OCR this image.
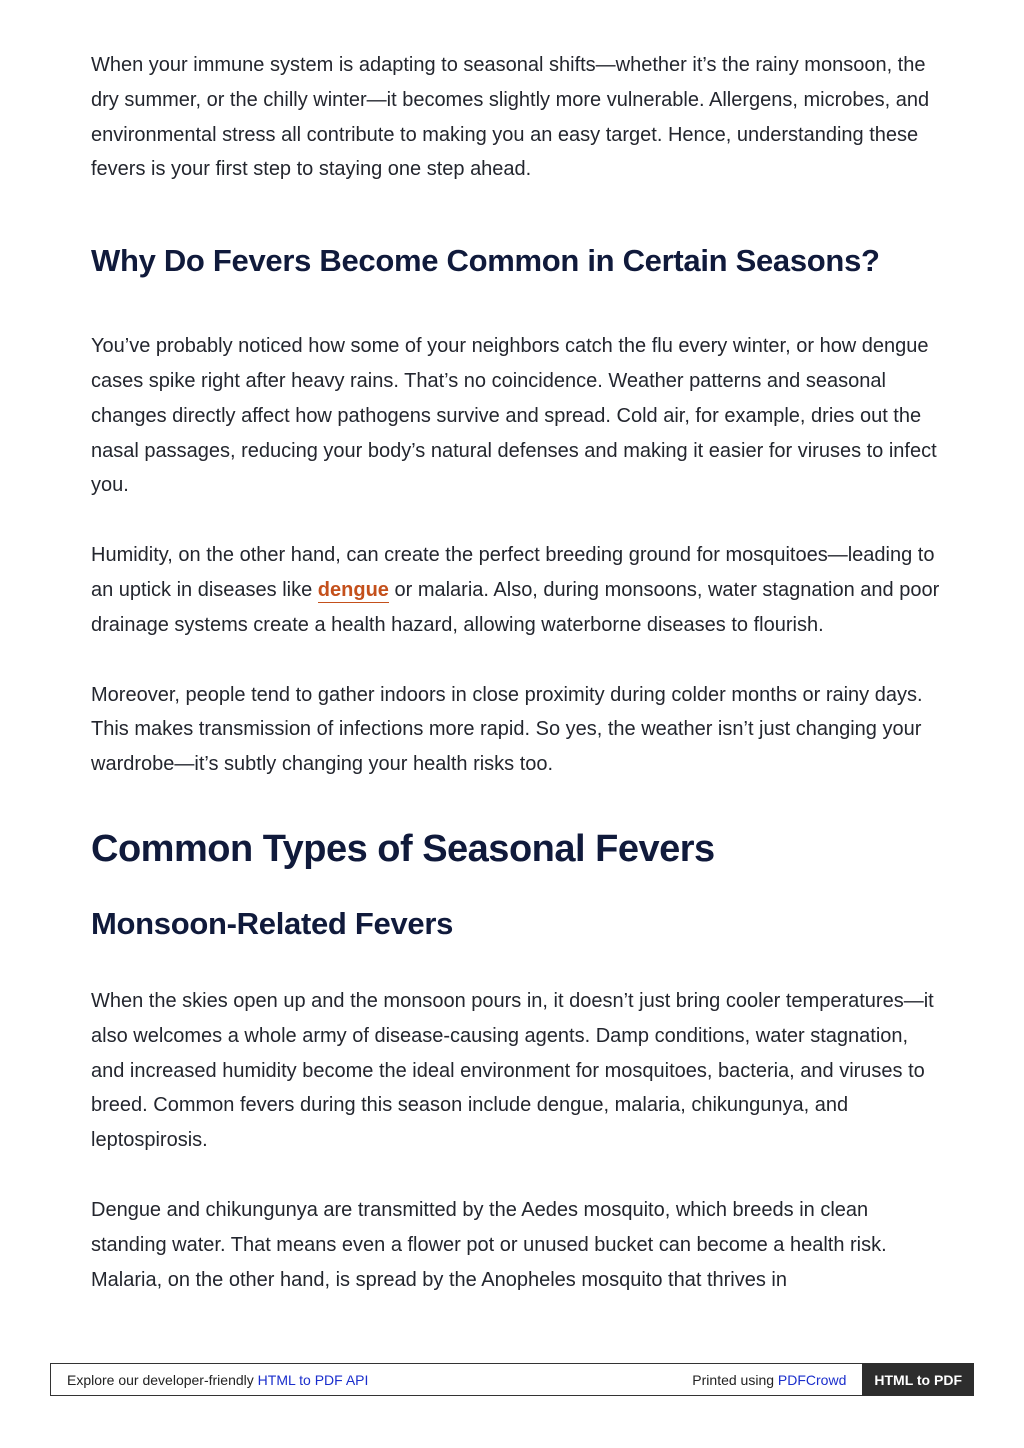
When your immune system is adapting to seasonal shifts—whether it’s the rainy monsoon, the dry summer, or the chilly winter—it becomes slightly more vulnerable. Allergens, microbes, and environmental stress all contribute to making you an easy target. Hence, understanding these fevers is your first step to staying one step ahead.

Why Do Fevers Become Common in Certain Seasons?

You’ve probably noticed how some of your neighbors catch the flu every winter, or how dengue cases spike right after heavy rains. That’s no coincidence. Weather patterns and seasonal changes directly affect how pathogens survive and spread. Cold air, for example, dries out the nasal passages, reducing your body’s natural defenses and making it easier for viruses to infect you.

Humidity, on the other hand, can create the perfect breeding ground for mosquitoes—leading to an uptick in diseases like dengue or malaria. Also, during monsoons, water stagnation and poor drainage systems create a health hazard, allowing waterborne diseases to flourish.

Moreover, people tend to gather indoors in close proximity during colder months or rainy days. This makes transmission of infections more rapid. So yes, the weather isn’t just changing your wardrobe—it’s subtly changing your health risks too.

Common Types of Seasonal Fevers
Monsoon-Related Fevers

When the skies open up and the monsoon pours in, it doesn’t just bring cooler temperatures—it also welcomes a whole army of disease-causing agents. Damp conditions, water stagnation, and increased humidity become the ideal environment for mosquitoes, bacteria, and viruses to breed. Common fevers during this season include dengue, malaria, chikungunya, and leptospirosis.

Dengue and chikungunya are transmitted by the Aedes mosquito, which breeds in clean standing water. That means even a flower pot or unused bucket can become a health risk. Malaria, on the other hand, is spread by the Anopheles mosquito that thrives in

Explore our developer-friendly HTML to PDF API	Printed using PDFCrowd	HTML to PDF
